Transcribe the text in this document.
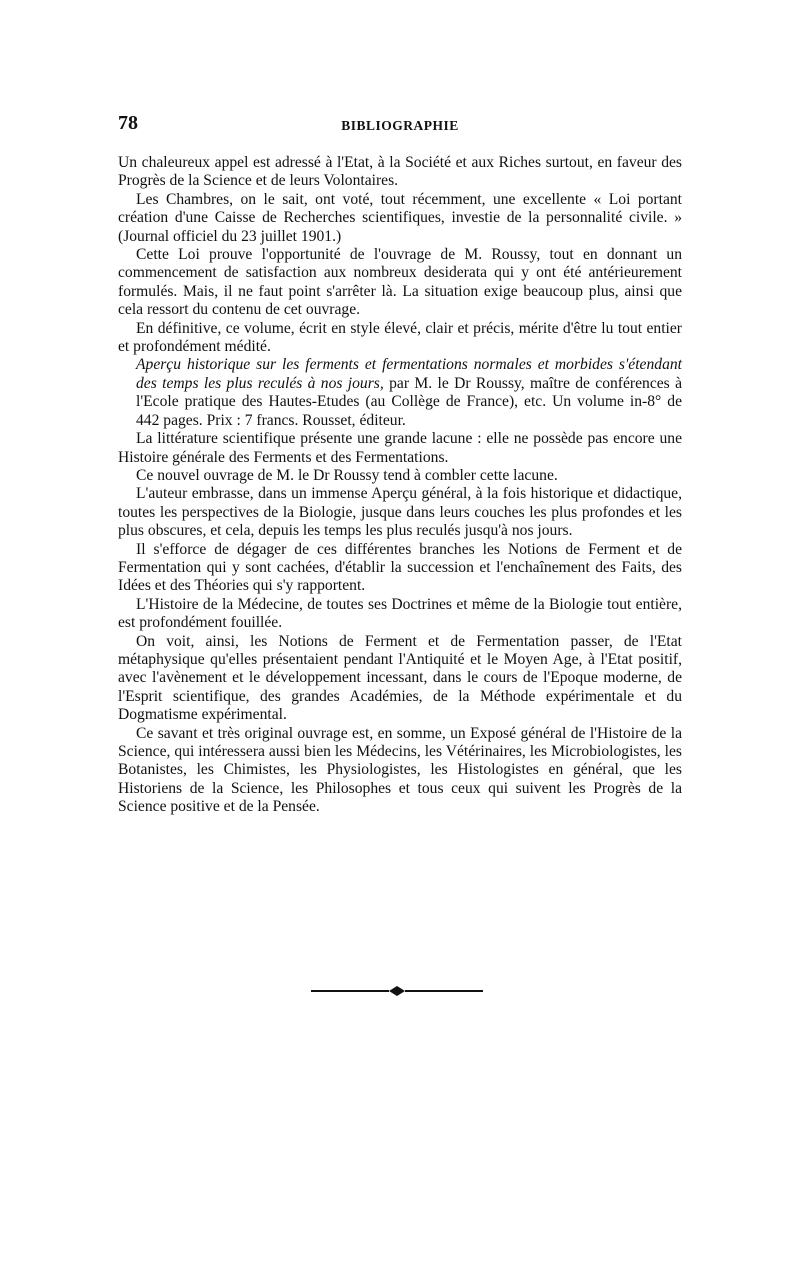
78	BIBLIOGRAPHIE

Un chaleureux appel est adressé à l'Etat, à la Société et aux Riches surtout, en faveur des Progrès de la Science et de leurs Volontaires.

Les Chambres, on le sait, ont voté, tout récemment, une excellente « Loi portant création d'une Caisse de Recherches scientifiques, investie de la personnalité civile. » (Journal officiel du 23 juillet 1901.)

Cette Loi prouve l'opportunité de l'ouvrage de M. Roussy, tout en donnant un commencement de satisfaction aux nombreux desiderata qui y ont été antérieurement formulés. Mais, il ne faut point s'arrêter là. La situation exige beaucoup plus, ainsi que cela ressort du contenu de cet ouvrage.

En définitive, ce volume, écrit en style élevé, clair et précis, mérite d'être lu tout entier et profondément médité.

Aperçu historique sur les ferments et fermentations normales et morbides s'étendant des temps les plus reculés à nos jours, par M. le Dr Roussy, maître de conférences à l'Ecole pratique des Hautes-Etudes (au Collège de France), etc. Un volume in-8° de 442 pages. Prix : 7 francs. Rousset, éditeur.

La littérature scientifique présente une grande lacune : elle ne possède pas encore une Histoire générale des Ferments et des Fermentations.

Ce nouvel ouvrage de M. le Dr Roussy tend à combler cette lacune.

L'auteur embrasse, dans un immense Aperçu général, à la fois historique et didactique, toutes les perspectives de la Biologie, jusque dans leurs couches les plus profondes et les plus obscures, et cela, depuis les temps les plus reculés jusqu'à nos jours.

Il s'efforce de dégager de ces différentes branches les Notions de Ferment et de Fermentation qui y sont cachées, d'établir la succession et l'enchaînement des Faits, des Idées et des Théories qui s'y rapportent.

L'Histoire de la Médecine, de toutes ses Doctrines et même de la Biologie tout entière, est profondément fouillée.

On voit, ainsi, les Notions de Ferment et de Fermentation passer, de l'Etat métaphysique qu'elles présentaient pendant l'Antiquité et le Moyen Age, à l'Etat positif, avec l'avènement et le développement incessant, dans le cours de l'Epoque moderne, de l'Esprit scientifique, des grandes Académies, de la Méthode expérimentale et du Dogmatisme expérimental.

Ce savant et très original ouvrage est, en somme, un Exposé général de l'Histoire de la Science, qui intéressera aussi bien les Médecins, les Vétérinaires, les Microbiologistes, les Botanistes, les Chimistes, les Physiologistes, les Histologistes en général, que les Historiens de la Science, les Philosophes et tous ceux qui suivent les Progrès de la Science positive et de la Pensée.
